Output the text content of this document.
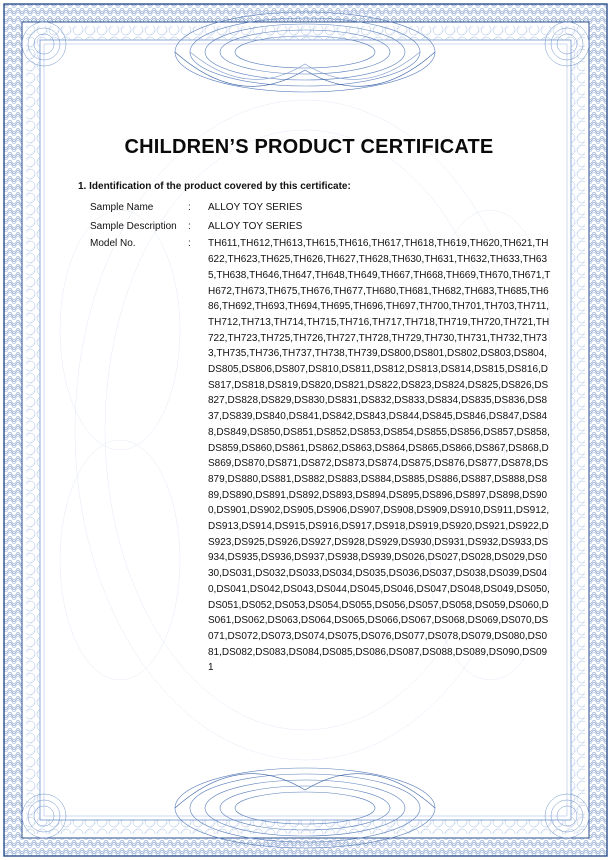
CHILDREN’S PRODUCT CERTIFICATE
1. Identification of the product covered by this certificate:
Sample Name	:	ALLOY TOY SERIES
Sample Description	:	ALLOY TOY SERIES
Model No.	:	TH611,TH612,TH613,TH615,TH616,TH617,TH618,TH619,TH620,TH621,TH622,TH623,TH625,TH626,TH627,TH628,TH630,TH631,TH632,TH633,TH635,TH638,TH646,TH647,TH648,TH649,TH667,TH668,TH669,TH670,TH671,TH672,TH673,TH675,TH676,TH677,TH680,TH681,TH682,TH683,TH685,TH686,TH692,TH693,TH694,TH695,TH696,TH697,TH700,TH701,TH703,TH711,TH712,TH713,TH714,TH715,TH716,TH717,TH718,TH719,TH720,TH721,TH722,TH723,TH725,TH726,TH727,TH728,TH729,TH730,TH731,TH732,TH733,TH735,TH736,TH737,TH738,TH739,DS800,DS801,DS802,DS803,DS804,DS805,DS806,DS807,DS810,DS811,DS812,DS813,DS814,DS815,DS816,DS817,DS818,DS819,DS820,DS821,DS822,DS823,DS824,DS825,DS826,DS827,DS828,DS829,DS830,DS831,DS832,DS833,DS834,DS835,DS836,DS837,DS839,DS840,DS841,DS842,DS843,DS844,DS845,DS846,DS847,DS848,DS849,DS850,DS851,DS852,DS853,DS854,DS855,DS856,DS857,DS858,DS859,DS860,DS861,DS862,DS863,DS864,DS865,DS866,DS867,DS868,DS869,DS870,DS871,DS872,DS873,DS874,DS875,DS876,DS877,DS878,DS879,DS880,DS881,DS882,DS883,DS884,DS885,DS886,DS887,DS888,DS889,DS890,DS891,DS892,DS893,DS894,DS895,DS896,DS897,DS898,DS900,DS901,DS902,DS905,DS906,DS907,DS908,DS909,DS910,DS911,DS912,DS913,DS914,DS915,DS916,DS917,DS918,DS919,DS920,DS921,DS922,DS923,DS925,DS926,DS927,DS928,DS929,DS930,DS931,DS932,DS933,DS934,DS935,DS936,DS937,DS938,DS939,DS026,DS027,DS028,DS029,DS030,DS031,DS032,DS033,DS034,DS035,DS036,DS037,DS038,DS039,DS040,DS041,DS042,DS043,DS044,DS045,DS046,DS047,DS048,DS049,DS050,DS051,DS052,DS053,DS054,DS055,DS056,DS057,DS058,DS059,DS060,DS061,DS062,DS063,DS064,DS065,DS066,DS067,DS068,DS069,DS070,DS071,DS072,DS073,DS074,DS075,DS076,DS077,DS078,DS079,DS080,DS081,DS082,DS083,DS084,DS085,DS086,DS087,DS088,DS089,DS090,DS091
